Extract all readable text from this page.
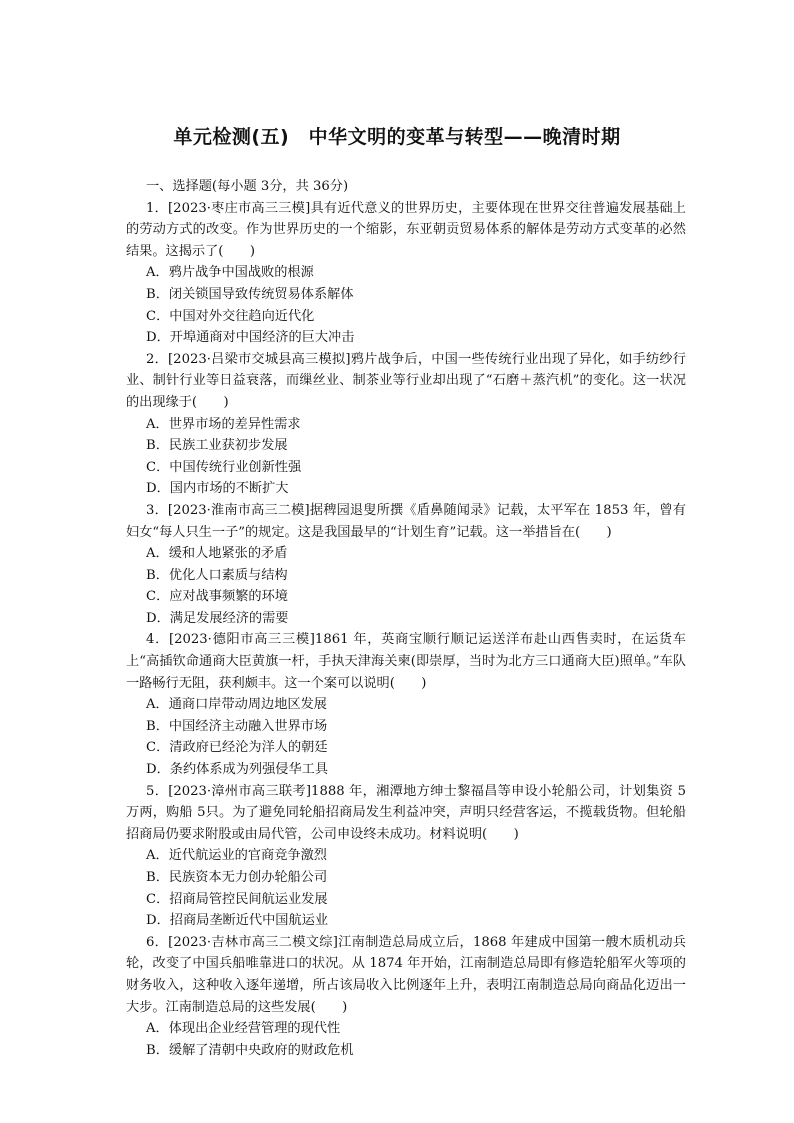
单元检测(五)　中华文明的变革与转型——晚清时期

一、选择题(每小题 3分，共 36分)

1．[2023·枣庄市高三三模]具有近代意义的世界历史，主要体现在世界交往普遍发展基础上的劳动方式的改变。作为世界历史的一个缩影，东亚朝贡贸易体系的解体是劳动方式变革的必然结果。这揭示了(　　)

A．鸦片战争中国战败的根源

B．闭关锁国导致传统贸易体系解体

C．中国对外交往趋向近代化

D．开埠通商对中国经济的巨大冲击

2．[2023·吕梁市交城县高三模拟]鸦片战争后，中国一些传统行业出现了异化，如手纺纱行业、制针行业等日益衰落，而缫丝业、制茶业等行业却出现了“石磨＋蒸汽机”的变化。这一状况的出现缘于(　　)

A．世界市场的差异性需求

B．民族工业获初步发展

C．中国传统行业创新性强

D．国内市场的不断扩大

3．[2023·淮南市高三二模]据稗园退叟所撰《盾鼻随闻录》记载，太平军在 1853 年，曾有妇女“每人只生一子”的规定。这是我国最早的“计划生育”记载。这一举措旨在(　　)

A．缓和人地紧张的矛盾

B．优化人口素质与结构

C．应对战事频繁的环境

D．满足发展经济的需要

4．[2023·德阳市高三三模]1861 年，英商宝顺行顺记运送洋布赴山西售卖时，在运货车上“高插钦命通商大臣黄旗一杆，手执天津海关柬(即崇厚，当时为北方三口通商大臣)照单。”车队一路畅行无阻，获利颇丰。这一个案可以说明(　　)

A．通商口岸带动周边地区发展

B．中国经济主动融入世界市场

C．清政府已经沦为洋人的朝廷

D．条约体系成为列强侵华工具

5．[2023·漳州市高三联考]1888 年，湘潭地方绅士黎福昌等申设小轮船公司，计划集资 5万两，购船 5只。为了避免同轮船招商局发生利益冲突，声明只经营客运，不揽载货物。但轮船招商局仍要求附股或由局代管，公司申设终未成功。材料说明(　　)

A．近代航运业的官商竞争激烈

B．民族资本无力创办轮船公司

C．招商局管控民间航运业发展

D．招商局垄断近代中国航运业

6．[2023·吉林市高三二模文综]江南制造总局成立后，1868 年建成中国第一艘木质机动兵轮，改变了中国兵船唯靠进口的状况。从 1874 年开始，江南制造总局即有修造轮船军火等项的财务收入，这种收入逐年递增，所占该局收入比例逐年上升，表明江南制造总局向商品化迈出一大步。江南制造总局的这些发展(　　)

A．体现出企业经营管理的现代性

B．缓解了清朝中央政府的财政危机
